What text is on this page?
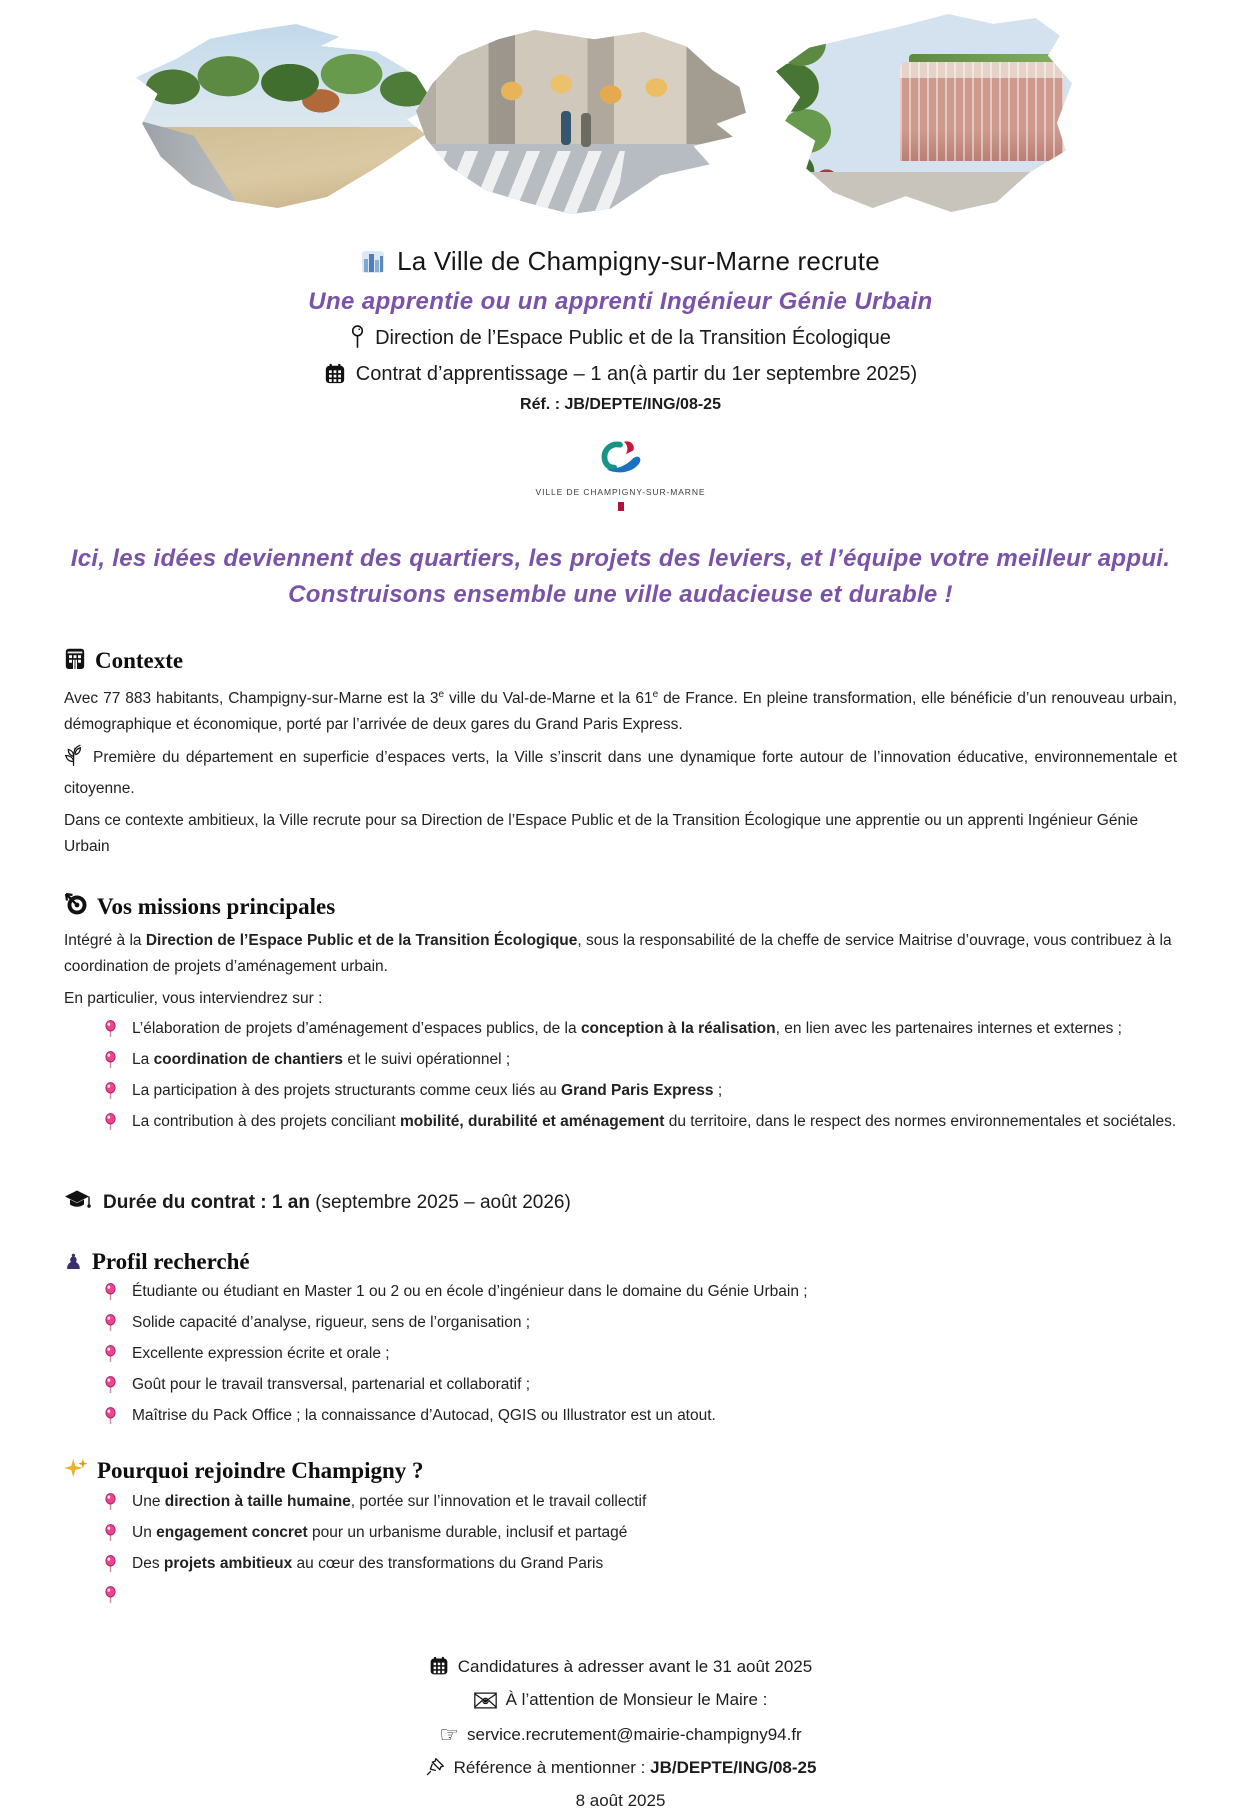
La Ville de Champigny-sur-Marne recrute
Une apprentie ou un apprenti Ingénieur Génie Urbain
Direction de l’Espace Public et de la Transition Écologique
Contrat d’apprentissage – 1 an(à partir du 1er septembre 2025)
Réf. : JB/DEPTE/ING/08-25
VILLE DE CHAMPIGNY-SUR-MARNE
Ici, les idées deviennent des quartiers, les projets des leviers, et l’équipe votre meilleur appui.
Construisons ensemble une ville audacieuse et durable !
Contexte

Avec 77 883 habitants, Champigny-sur-Marne est la 3e ville du Val-de-Marne et la 61e de France. En pleine transformation, elle bénéficie d’un renouveau urbain, démographique et économique, porté par l’arrivée de deux gares du Grand Paris Express.

Première du département en superficie d’espaces verts, la Ville s’inscrit dans une dynamique forte autour de l’innovation éducative, environnementale et citoyenne.

Dans ce contexte ambitieux, la Ville recrute pour sa Direction de l’Espace Public et de la Transition Écologique une apprentie ou un apprenti Ingénieur Génie Urbain

Vos missions principales

Intégré à la Direction de l’Espace Public et de la Transition Écologique, sous la responsabilité de la cheffe de service Maitrise d’ouvrage, vous contribuez à la coordination de projets d’aménagement urbain.

En particulier, vous interviendrez sur :

L’élaboration de projets d’aménagement d’espaces publics, de la conception à la réalisation, en lien avec les partenaires internes et externes ;

La coordination de chantiers et le suivi opérationnel ;

La participation à des projets structurants comme ceux liés au Grand Paris Express ;

La contribution à des projets conciliant mobilité, durabilité et aménagement du territoire, dans le respect des normes environnementales et sociétales.

Durée du contrat : 1 an (septembre 2025 – août 2026)
♟ Profil recherché

Étudiante ou étudiant en Master 1 ou 2 ou en école d’ingénieur dans le domaine du Génie Urbain ;

Solide capacité d’analyse, rigueur, sens de l’organisation ;

Excellente expression écrite et orale ;

Goût pour le travail transversal, partenarial et collaboratif ;

Maîtrise du Pack Office ; la connaissance d’Autocad, QGIS ou Illustrator est un atout.

Pourquoi rejoindre Champigny ?

Une direction à taille humaine, portée sur l’innovation et le travail collectif

Un engagement concret pour un urbanisme durable, inclusif et partagé

Des projets ambitieux au cœur des transformations du Grand Paris

Candidatures à adresser avant le 31 août 2025
À l’attention de Monsieur le Maire :
☞ service.recrutement@mairie-champigny94.fr
Référence à mentionner : JB/DEPTE/ING/08-25
8 août 2025
